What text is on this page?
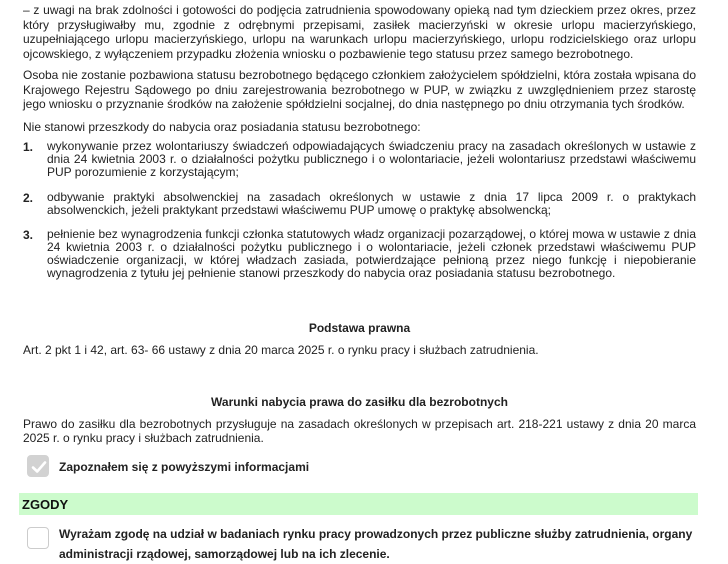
– z uwagi na brak zdolności i gotowości do podjęcia zatrudnienia spowodowany opieką nad tym dzieckiem przez okres, przez który przysługiwałby mu, zgodnie z odrębnymi przepisami, zasiłek macierzyński w okresie urlopu macierzyńskiego, uzupełniającego urlopu macierzyńskiego, urlopu na warunkach urlopu macierzyńskiego, urlopu rodzicielskiego oraz urlopu ojcowskiego, z wyłączeniem przypadku złożenia wniosku o pozbawienie tego statusu przez samego bezrobotnego.

Osoba nie zostanie pozbawiona statusu bezrobotnego będącego członkiem założycielem spółdzielni, która została wpisana do Krajowego Rejestru Sądowego po dniu zarejestrowania bezrobotnego w PUP, w związku z uwzględnieniem przez starostę jego wniosku o przyznanie środków na założenie spółdzielni socjalnej, do dnia następnego po dniu otrzymania tych środków.

Nie stanowi przeszkody do nabycia oraz posiadania statusu bezrobotnego:

1. wykonywanie przez wolontariuszy świadczeń odpowiadających świadczeniu pracy na zasadach określonych w ustawie z dnia 24 kwietnia 2003 r. o działalności pożytku publicznego i o wolontariacie, jeżeli wolontariusz przedstawi właściwemu PUP porozumienie z korzystającym;
2. odbywanie praktyki absolwenckiej na zasadach określonych w ustawie z dnia 17 lipca 2009 r. o praktykach absolwenckich, jeżeli praktykant przedstawi właściwemu PUP umowę o praktykę absolwencką;
3. pełnienie bez wynagrodzenia funkcji członka statutowych władz organizacji pozarządowej, o której mowa w ustawie z dnia 24 kwietnia 2003 r. o działalności pożytku publicznego i o wolontariacie, jeżeli członek przedstawi właściwemu PUP oświadczenie organizacji, w której władzach zasiada, potwierdzające pełnioną przez niego funkcję i niepobieranie wynagrodzenia z tytułu jej pełnienie stanowi przeszkody do nabycia oraz posiadania statusu bezrobotnego.
Podstawa prawna

Art. 2 pkt 1 i 42, art. 63- 66 ustawy z dnia 20 marca 2025 r. o rynku pracy i służbach zatrudnienia.

Warunki nabycia prawa do zasiłku dla bezrobotnych

Prawo do zasiłku dla bezrobotnych przysługuje na zasadach określonych w przepisach art. 218-221 ustawy z dnia 20 marca 2025 r. o rynku pracy i służbach zatrudnienia.

Zapoznałem się z powyższymi informacjami
ZGODY
Wyrażam zgodę na udział w badaniach rynku pracy prowadzonych przez publiczne służby zatrudnienia, organy administracji rządowej, samorządowej lub na ich zlecenie.
